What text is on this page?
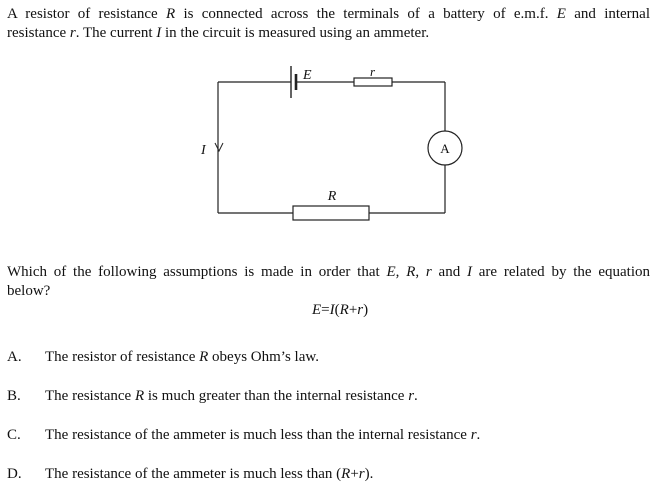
A resistor of resistance R is connected across the terminals of a battery of e.m.f. E and internal
resistance r. The current I in the circuit is measured using an ammeter.
E	r
A
I
R
Which of the following assumptions is made in order that E, R, r and I are related by the equation
below?
E=I(R+r)
A. The resistor of resistance R obeys Ohm’s law.
B. The resistance R is much greater than the internal resistance r.
C. The resistance of the ammeter is much less than the internal resistance r.
D. The resistance of the ammeter is much less than (R+r).
